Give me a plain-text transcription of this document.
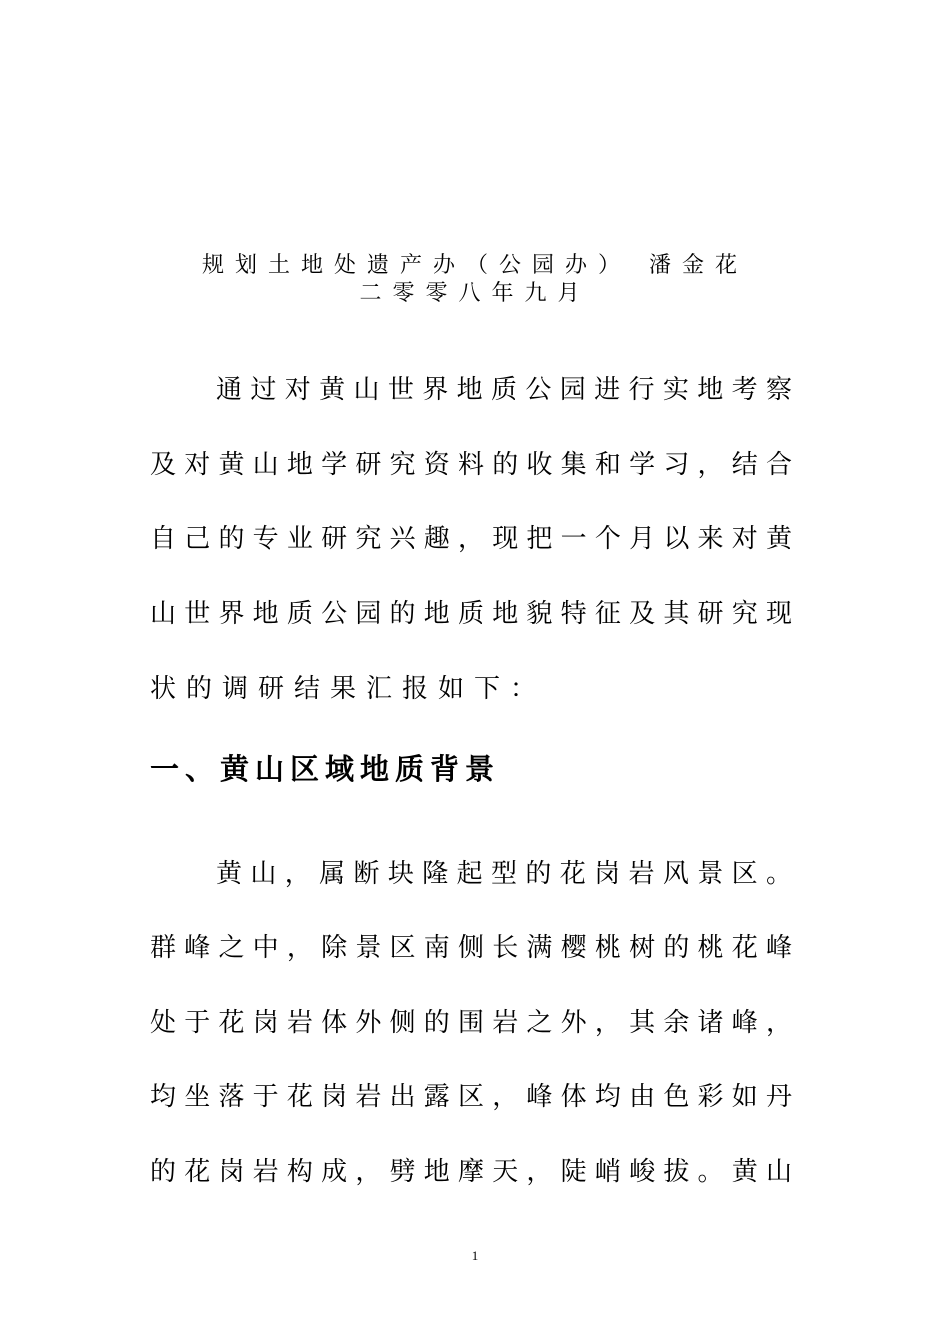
规划土地处遗产办（公园办） 潘金花
二零零八年九月
通过对黄山世界地质公园进行实地考察
及对黄山地学研究资料的收集和学习，结合
自己的专业研究兴趣，现把一个月以来对黄
山世界地质公园的地质地貌特征及其研究现
状的调研结果汇报如下：
一、黄山区域地质背景
黄山，属断块隆起型的花岗岩风景区。
群峰之中，除景区南侧长满樱桃树的桃花峰
处于花岗岩体外侧的围岩之外，其余诸峰，
均坐落于花岗岩出露区，峰体均由色彩如丹
的花岗岩构成，劈地摩天，陡峭峻拔。黄山
1
